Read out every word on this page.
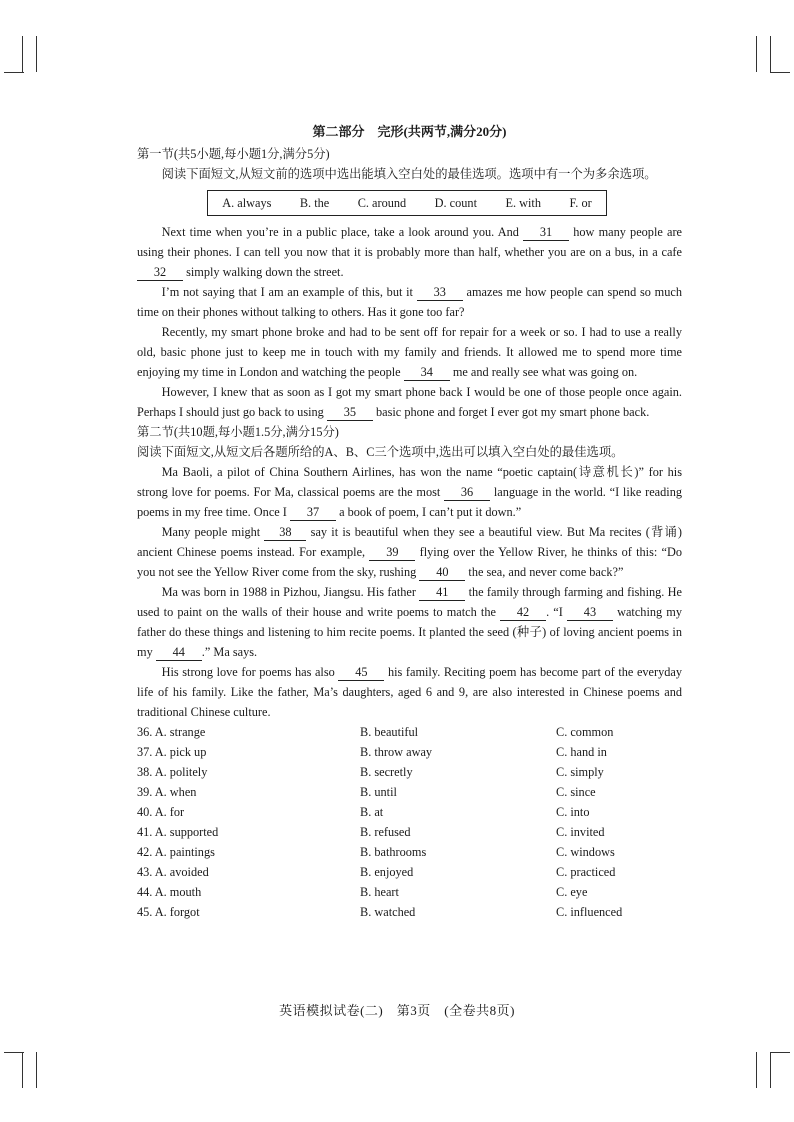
第二部分　完形(共两节,满分20分)
第一节(共5小题,每小题1分,满分5分)
阅读下面短文,从短文前的选项中选出能填入空白处的最佳选项。选项中有一个为多余选项。
A. always B. the C. around D. count E. with F. or

Next time when you’re in a public place, take a look around you. And 31 how many people are using their phones. I can tell you now that it is probably more than half, whether you are on a bus, in a cafe 32 simply walking down the street.

I’m not saying that I am an example of this, but it 33 amazes me how people can spend so much time on their phones without talking to others. Has it gone too far?

Recently, my smart phone broke and had to be sent off for repair for a week or so. I had to use a really old, basic phone just to keep me in touch with my family and friends. It allowed me to spend more time enjoying my time in London and watching the people 34 me and really see what was going on.

However, I knew that as soon as I got my smart phone back I would be one of those people once again. Perhaps I should just go back to using 35 basic phone and forget I ever got my smart phone back.

第二节(共10题,每小题1.5分,满分15分)
阅读下面短文,从短文后各题所给的A、B、C三个选项中,选出可以填入空白处的最佳选项。

Ma Baoli, a pilot of China Southern Airlines, has won the name “poetic captain(诗意机长)” for his strong love for poems. For Ma, classical poems are the most 36 language in the world. “I like reading poems in my free time. Once I 37 a book of poem, I can’t put it down.”

Many people might 38 say it is beautiful when they see a beautiful view. But Ma recites (背诵) ancient Chinese poems instead. For example, 39 flying over the Yellow River, he thinks of this: “Do you not see the Yellow River come from the sky, rushing 40 the sea, and never come back?”

Ma was born in 1988 in Pizhou, Jiangsu. His father 41 the family through farming and fishing. He used to paint on the walls of their house and write poems to match the 42 . “I 43 watching my father do these things and listening to him recite poems. It planted the seed (种子) of loving ancient poems in my 44 .” Ma says.

His strong love for poems has also 45 his family. Reciting poem has become part of the everyday life of his family. Like the father, Ma’s daughters, aged 6 and 9, are also interested in Chinese poems and traditional Chinese culture.

36. A. strange	B. beautiful	C. common
37. A. pick up	B. throw away	C. hand in
38. A. politely	B. secretly	C. simply
39. A. when	B. until	C. since
40. A. for	B. at	C. into
41. A. supported	B. refused	C. invited
42. A. paintings	B. bathrooms	C. windows
43. A. avoided	B. enjoyed	C. practiced
44. A. mouth	B. heart	C. eye
45. A. forgot	B. watched	C. influenced
英语模拟试卷(二)　第3页　(全卷共8页)
